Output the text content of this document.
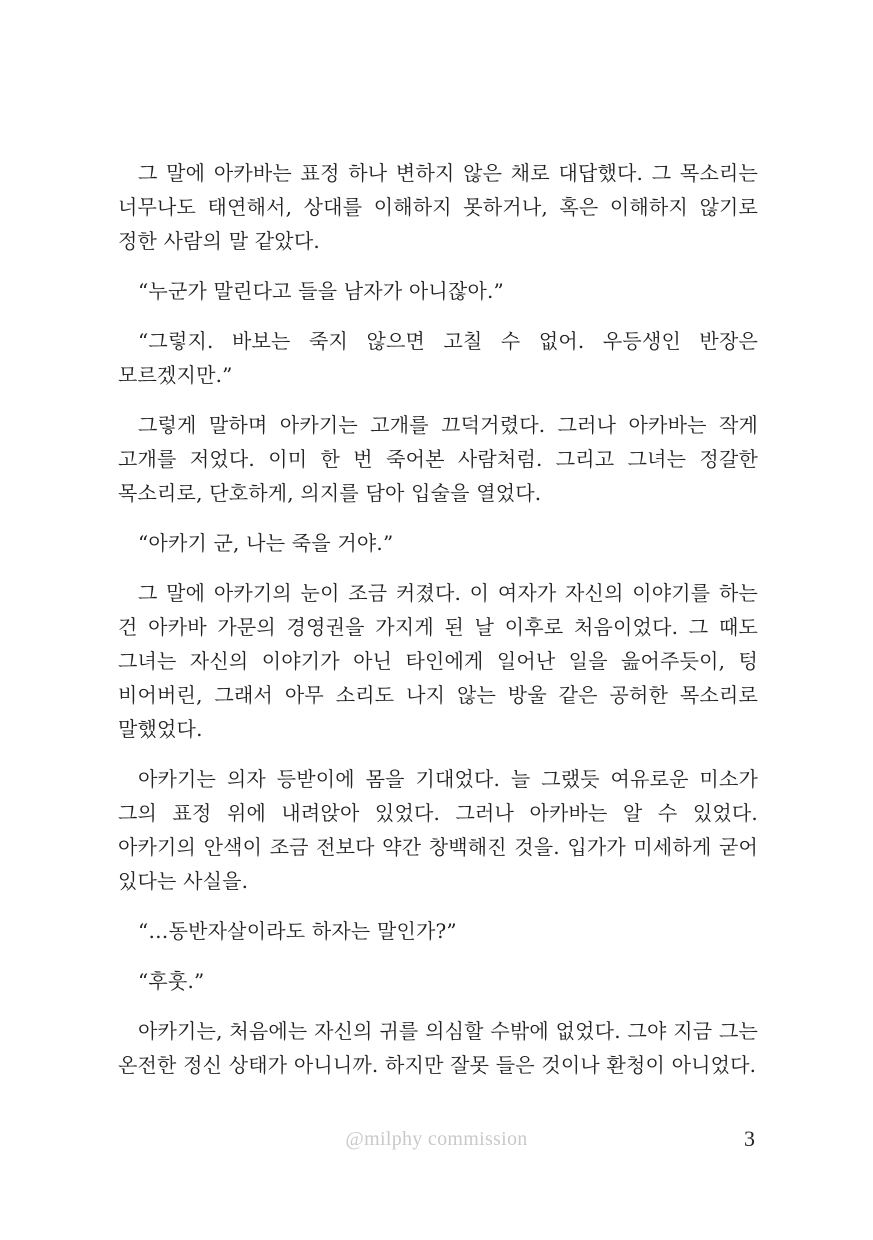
그 말에 아카바는 표정 하나 변하지 않은 채로 대답했다. 그 목소리는 너무나도 태연해서, 상대를 이해하지 못하거나, 혹은 이해하지 않기로 정한 사람의 말 같았다.

“누군가 말린다고 들을 남자가 아니잖아.”

“그렇지. 바보는 죽지 않으면 고칠 수 없어. 우등생인 반장은 모르겠지만.”

그렇게 말하며 아카기는 고개를 끄덕거렸다. 그러나 아카바는 작게 고개를 저었다. 이미 한 번 죽어본 사람처럼. 그리고 그녀는 정갈한 목소리로, 단호하게, 의지를 담아 입술을 열었다.

“아카기 군, 나는 죽을 거야.”

그 말에 아카기의 눈이 조금 커졌다. 이 여자가 자신의 이야기를 하는 건 아카바 가문의 경영권을 가지게 된 날 이후로 처음이었다. 그 때도 그녀는 자신의 이야기가 아닌 타인에게 일어난 일을 읊어주듯이, 텅 비어버린, 그래서 아무 소리도 나지 않는 방울 같은 공허한 목소리로 말했었다.

아카기는 의자 등받이에 몸을 기대었다. 늘 그랬듯 여유로운 미소가 그의 표정 위에 내려앉아 있었다. 그러나 아카바는 알 수 있었다. 아카기의 안색이 조금 전보다 약간 창백해진 것을. 입가가 미세하게 굳어 있다는 사실을.

“…동반자살이라도 하자는 말인가?”

“후훗.”

아카기는, 처음에는 자신의 귀를 의심할 수밖에 없었다. 그야 지금 그는 온전한 정신 상태가 아니니까. 하지만 잘못 들은 것이나 환청이 아니었다.

@milphy commission	3
